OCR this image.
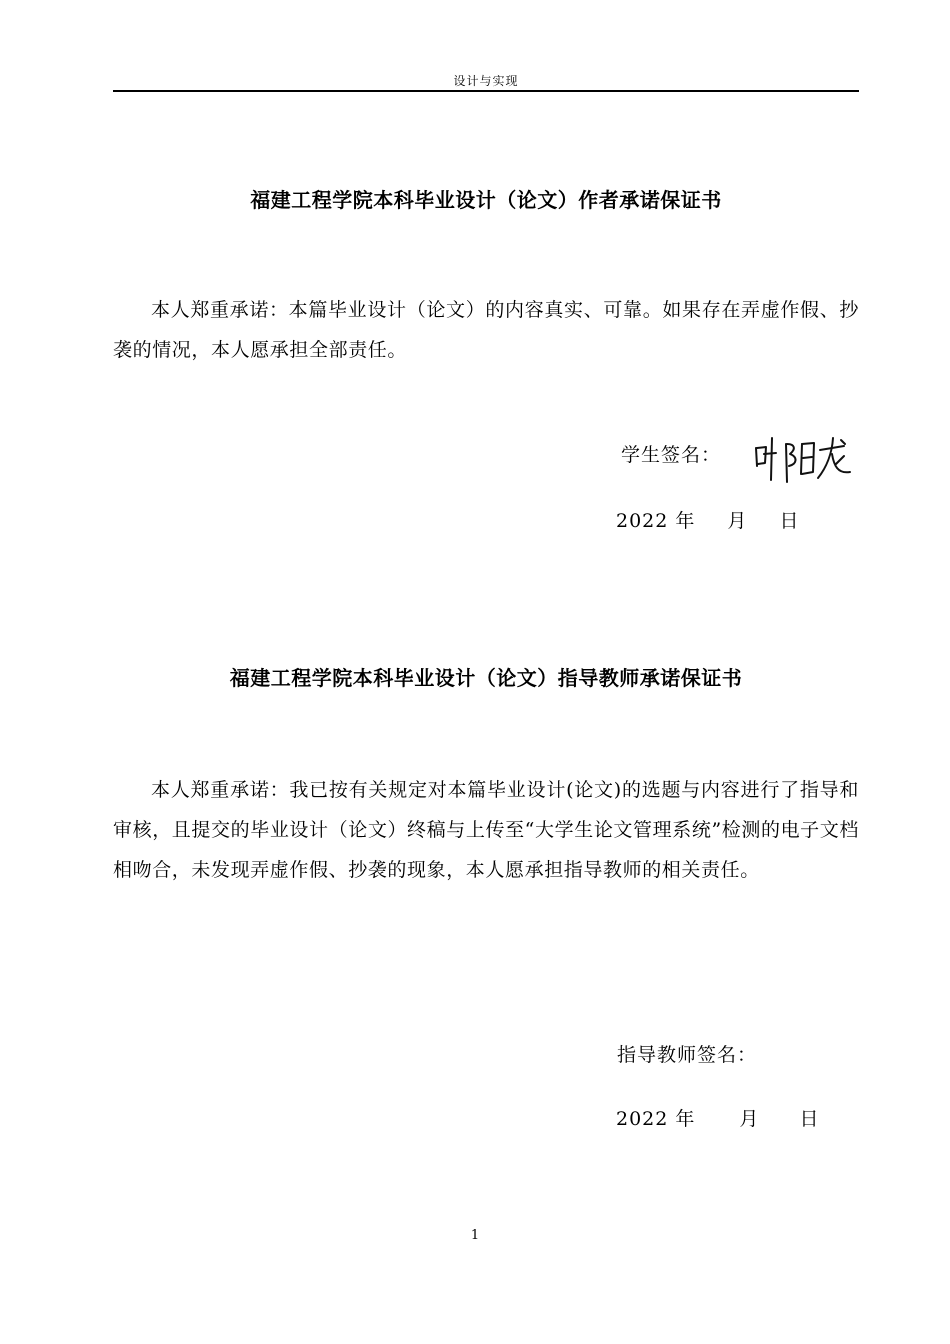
设计与实现
福建工程学院本科毕业设计（论文）作者承诺保证书
本人郑重承诺：本篇毕业设计（论文）的内容真实、可靠。如果存在弄虚作假、抄袭的情况，本人愿承担全部责任。
学生签名：
2022 年 月 日
福建工程学院本科毕业设计（论文）指导教师承诺保证书
本人郑重承诺：我已按有关规定对本篇毕业设计(论文)的选题与内容进行了指导和审核，且提交的毕业设计（论文）终稿与上传至“大学生论文管理系统”检测的电子文档相吻合，未发现弄虚作假、抄袭的现象，本人愿承担指导教师的相关责任。
指导教师签名：
2022 年 月 日
1
